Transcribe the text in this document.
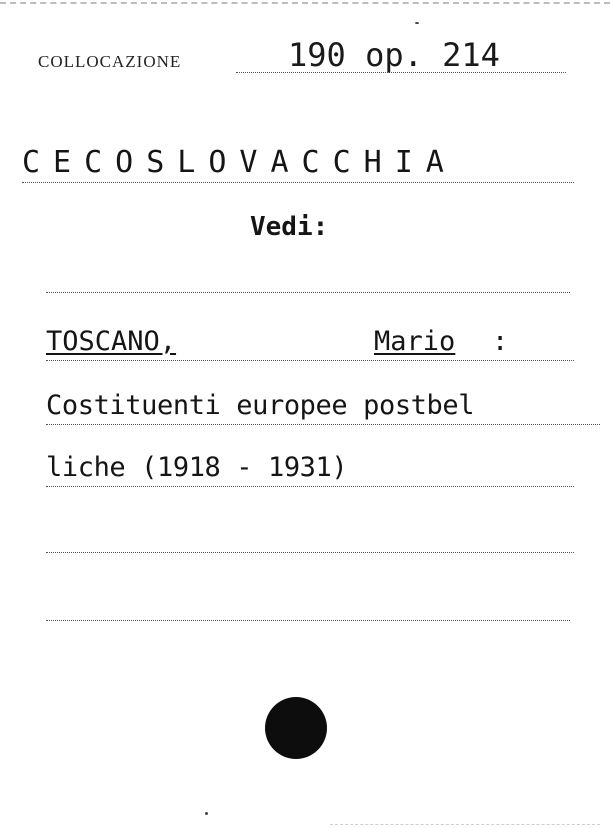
COLLOCAZIONE	190 op. 214
CECOSLOVACCHIA
Vedi:
TOSCANO,	Mario :
Costituenti europee postbel
liche (1918 - 1931)
